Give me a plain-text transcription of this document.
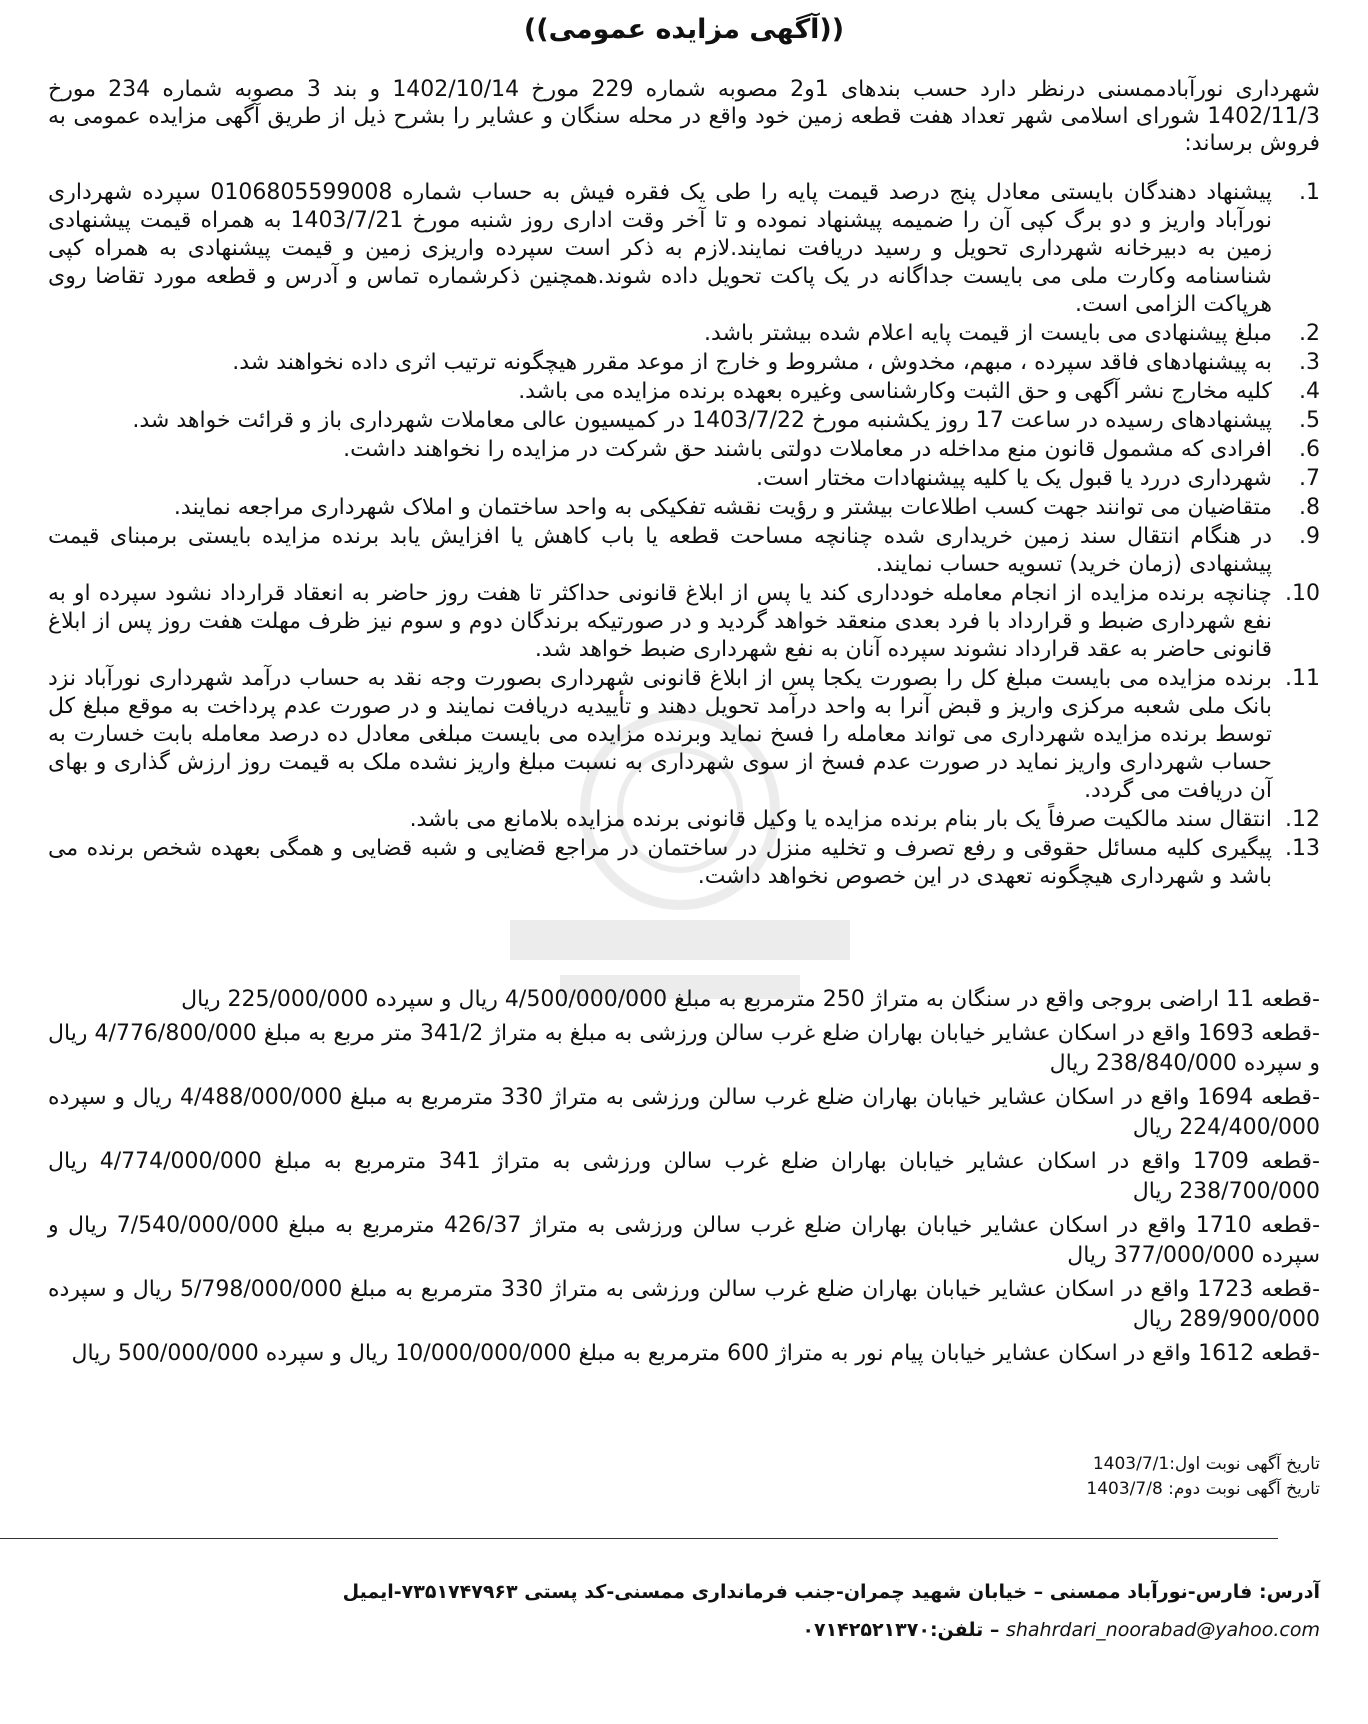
((آگهی مزایده عمومی))
شهرداری نورآبادممسنی درنظر دارد حسب بندهای 1و2 مصوبه شماره 229 مورخ 1402/10/14 و بند 3 مصوبه شماره 234 مورخ 1402/11/3 شورای اسلامی شهر تعداد هفت قطعه زمین خود واقع در محله سنگان و عشایر را بشرح ذیل از طریق آگهی مزایده عمومی به فروش برساند:
1.
پیشنهاد دهندگان بایستی معادل پنج درصد قیمت پایه را طی یک فقره فیش به حساب شماره 0106805599008 سپرده شهرداری نورآباد واریز و دو برگ کپی آن را ضمیمه پیشنهاد نموده و تا آخر وقت اداری روز شنبه مورخ 1403/7/21 به همراه قیمت پیشنهادی زمین به دبیرخانه شهرداری تحویل و رسید دریافت نمایند.لازم به ذکر است سپرده واریزی زمین و قیمت پیشنهادی به همراه کپی شناسنامه وکارت ملی می بایست جداگانه در یک پاکت تحویل داده شوند.همچنین ذکرشماره تماس و آدرس و قطعه مورد تقاضا روی هرپاکت الزامی است.
2.
مبلغ پیشنهادی می بایست از قیمت پایه اعلام شده بیشتر باشد.
3.
به پیشنهادهای فاقد سپرده ، مبهم، مخدوش ، مشروط و خارج از موعد مقرر هیچگونه ترتیب اثری داده نخواهند شد.
4.
کلیه مخارج نشر آگهی و حق الثبت وکارشناسی وغیره بعهده برنده مزایده می باشد.
5.
پیشنهادهای رسیده در ساعت 17 روز یکشنبه مورخ 1403/7/22 در کمیسیون عالی معاملات شهرداری باز و قرائت خواهد شد.
6.
افرادی که مشمول قانون منع مداخله در معاملات دولتی باشند حق شرکت در مزایده را نخواهند داشت.
7.
شهرداری دررد یا قبول یک یا کلیه پیشنهادات مختار است.
8.
متقاضیان می توانند جهت کسب اطلاعات بیشتر و رؤیت نقشه تفکیکی به واحد ساختمان و املاک شهرداری مراجعه نمایند.
9.
در هنگام انتقال سند زمین خریداری شده چنانچه مساحت قطعه یا باب کاهش یا افزایش یابد برنده مزایده بایستی برمبنای قیمت پیشنهادی (زمان خرید) تسویه حساب نمایند.
10.
چنانچه برنده مزایده از انجام معامله خودداری کند یا پس از ابلاغ قانونی حداکثر تا هفت روز حاضر به انعقاد قرارداد نشود سپرده او به نفع شهرداری ضبط و قرارداد با فرد بعدی منعقد خواهد گردید و در صورتیکه برندگان دوم و سوم نیز ظرف مهلت هفت روز پس از ابلاغ قانونی حاضر به عقد قرارداد نشوند سپرده آنان به نفع شهرداری ضبط خواهد شد.
11.
برنده مزایده می بایست مبلغ کل را بصورت یکجا پس از ابلاغ قانونی شهرداری بصورت وجه نقد به حساب درآمد شهرداری نورآباد نزد بانک ملی شعبه مرکزی واریز و قبض آنرا به واحد درآمد تحویل دهند و تأییدیه دریافت نمایند و در صورت عدم پرداخت به موقع مبلغ کل توسط برنده مزایده شهرداری می تواند معامله را فسخ نماید وبرنده مزایده می بایست مبلغی معادل ده درصد معامله بابت خسارت به حساب شهرداری واریز نماید در صورت عدم فسخ از سوی شهرداری به نسبت مبلغ واریز نشده ملک به قیمت روز ارزش گذاری و بهای آن دریافت می گردد.
12.
انتقال سند مالکیت صرفاً یک بار بنام برنده مزایده یا وکیل قانونی برنده مزایده بلامانع می باشد.
13.
پیگیری کلیه مسائل حقوقی و رفع تصرف و تخلیه منزل در ساختمان در مراجع قضایی و شبه قضایی و همگی بعهده شخص برنده می باشد و شهرداری هیچگونه تعهدی در این خصوص نخواهد داشت.

-قطعه 11 اراضی بروجی واقع در سنگان به متراژ 250 مترمربع به مبلغ 4/500/000/000 ریال و سپرده 225/000/000 ریال

-قطعه 1693 واقع در اسکان عشایر خیابان بهاران ضلع غرب سالن ورزشی به مبلغ به متراژ 341/2 متر مربع به مبلغ 4/776/800/000 ریال و سپرده 238/840/000 ریال

-قطعه 1694 واقع در اسکان عشایر خیابان بهاران ضلع غرب سالن ورزشی به متراژ 330 مترمربع به مبلغ 4/488/000/000 ریال و سپرده 224/400/000 ریال

-قطعه 1709 واقع در اسکان عشایر خیابان بهاران ضلع غرب سالن ورزشی به متراژ 341 مترمربع به مبلغ 4/774/000/000 ریال 238/700/000 ریال

-قطعه 1710 واقع در اسکان عشایر خیابان بهاران ضلع غرب سالن ورزشی به متراژ 426/37 مترمربع به مبلغ 7/540/000/000 ریال و سپرده 377/000/000 ریال

-قطعه 1723 واقع در اسکان عشایر خیابان بهاران ضلع غرب سالن ورزشی به متراژ 330 مترمربع به مبلغ 5/798/000/000 ریال و سپرده 289/900/000 ریال

-قطعه 1612 واقع در اسکان عشایر خیابان پیام نور به متراژ 600 مترمربع به مبلغ 10/000/000/000 ریال و سپرده 500/000/000 ریال

تاریخ آگهی نوبت اول:1403/7/1
تاریخ آگهی نوبت دوم: 1403/7/8
آدرس: فارس-نورآباد ممسنی – خیابان شهید چمران-جنب فرمانداری ممسنی-کد پستی ۷۳۵۱۷۴۷۹۶۳-ایمیل
shahrdari_noorabad@yahoo.com – تلفن:۰۷۱۴۲۵۲۱۳۷۰
